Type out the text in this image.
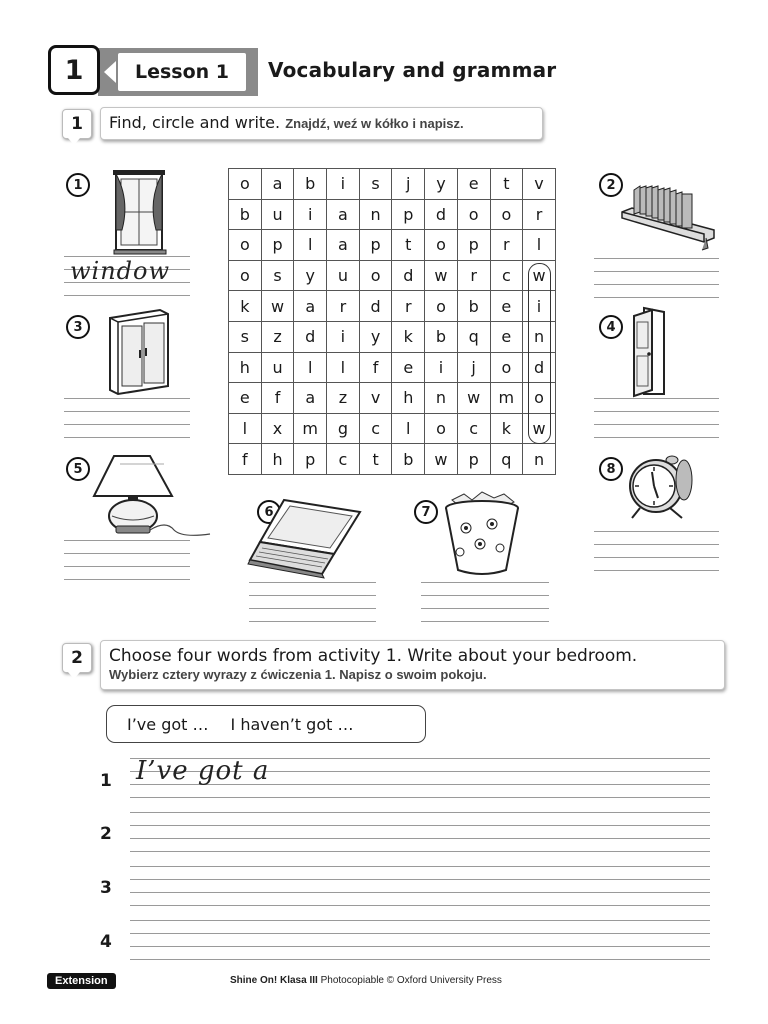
1	Lesson 1	Vocabulary and grammar
1	Find, circle and write. Znajdź, weź w kółko i napisz.
1
window
3
5
2
4
8
6	7
o	a	b	i	s	j	y	e	t	v
b	u	i	a	n	p	d	o	o	r
o	p	l	a	p	t	o	p	r	l
o	s	y	u	o	d	w	r	c	w
k	w	a	r	d	r	o	b	e	i
s	z	d	i	y	k	b	q	e	n
h	u	l	l	f	e	i	j	o	d
e	f	a	z	v	h	n	w	m	o
l	x	m	g	c	l	o	c	k	w
f	h	p	c	t	b	w	p	q	n
2	Choose four words from activity 1. Write about your bedroom.
Wybierz cztery wyrazy z ćwiczenia 1. Napisz o swoim pokoju.
I’ve got … I haven’t got …
1 I’ve got a
2
3
4
Extension	Shine On! Klasa III Photocopiable © Oxford University Press
